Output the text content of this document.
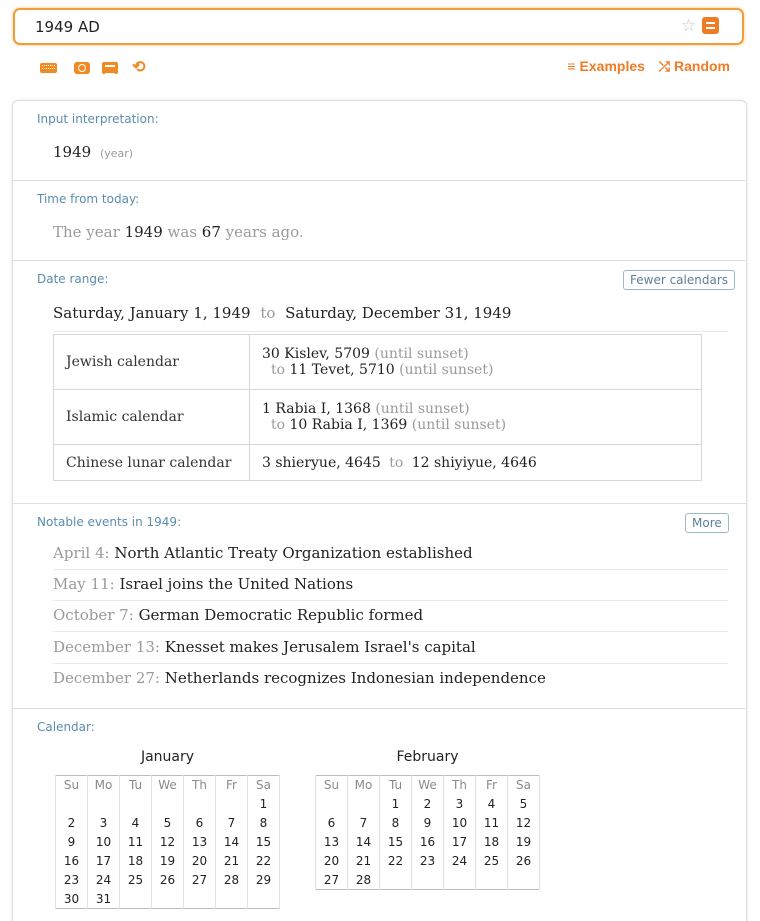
1949 AD
☆
⟲	≡ Examples ⤮ Random
Input interpretation:
1949 (year)
Time from today:
The year 1949 was 67 years ago.
Date range:	Fewer calendars
Saturday, January 1, 1949 to Saturday, December 31, 1949
Jewish calendar	30 Kislev, 5709 (until sunset)
to 11 Tevet, 5710 (until sunset)

Islamic calendar	1 Rabia I, 1368 (until sunset)
to 10 Rabia I, 1369 (until sunset)

Chinese lunar calendar	3 shieryue, 4645 to 12 shiyiyue, 4646
Notable events in 1949:	More
April 4: North Atlantic Treaty Organization established
May 11: Israel joins the United Nations
October 7: German Democratic Republic formed
December 13: Knesset makes Jerusalem Israel's capital
December 27: Netherlands recognizes Indonesian independence
Calendar:
January
Su	Mo	Tu	We	Th	Fr	Sa
						1
2	3	4	5	6	7	8
9	10	11	12	13	14	15
16	17	18	19	20	21	22
23	24	25	26	27	28	29
30	31					
February
Su	Mo	Tu	We	Th	Fr	Sa
		1	2	3	4	5
6	7	8	9	10	11	12
13	14	15	16	17	18	19
20	21	22	23	24	25	26
27	28					
